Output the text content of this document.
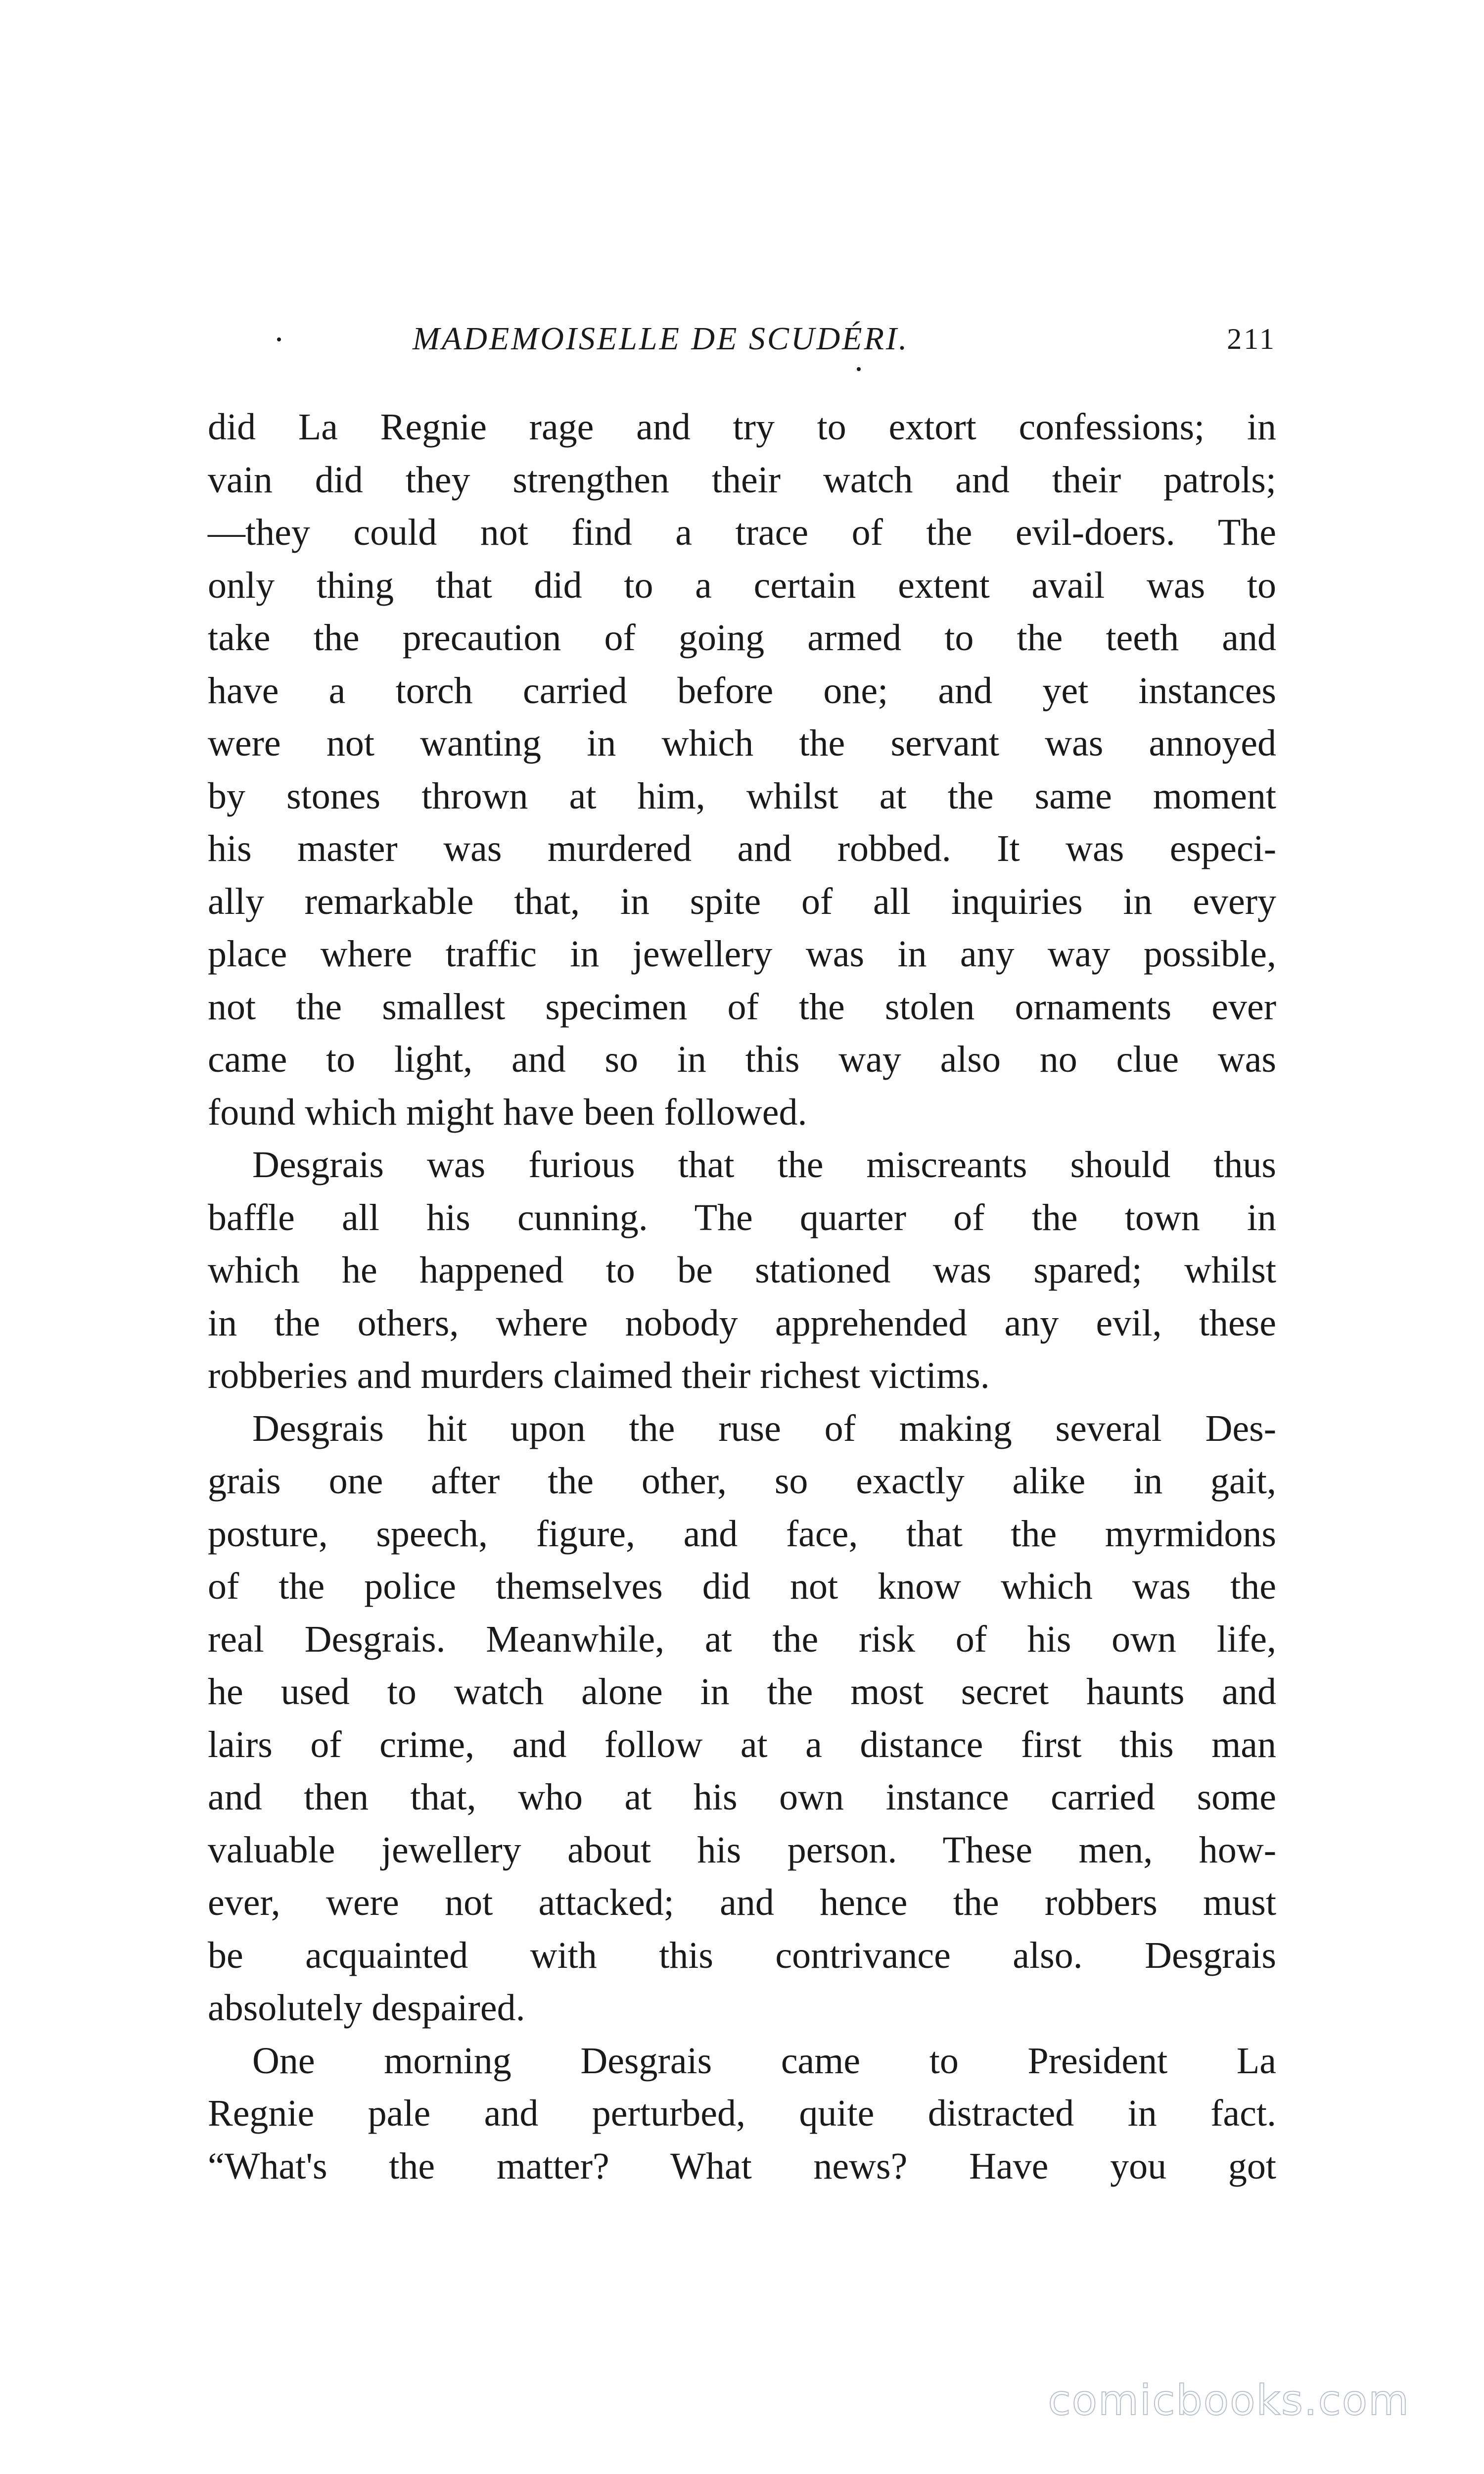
MADEMOISELLE DE SCUDÉRI.	211
did La Regnie rage and try to extort confessions; in
vain did they strengthen their watch and their patrols;
—they could not find a trace of the evil-doers. The
only thing that did to a certain extent avail was to
take the precaution of going armed to the teeth and
have a torch carried before one; and yet instances
were not wanting in which the servant was annoyed
by stones thrown at him, whilst at the same moment
his master was murdered and robbed. It was especi-
ally remarkable that, in spite of all inquiries in every
place where traffic in jewellery was in any way possible,
not the smallest specimen of the stolen ornaments ever
came to light, and so in this way also no clue was
found which might have been followed.
Desgrais was furious that the miscreants should thus
baffle all his cunning. The quarter of the town in
which he happened to be stationed was spared; whilst
in the others, where nobody apprehended any evil, these
robberies and murders claimed their richest victims.
Desgrais hit upon the ruse of making several Des-
grais one after the other, so exactly alike in gait,
posture, speech, figure, and face, that the myrmidons
of the police themselves did not know which was the
real Desgrais. Meanwhile, at the risk of his own life,
he used to watch alone in the most secret haunts and
lairs of crime, and follow at a distance first this man
and then that, who at his own instance carried some
valuable jewellery about his person. These men, how-
ever, were not attacked; and hence the robbers must
be acquainted with this contrivance also. Desgrais
absolutely despaired.
One morning Desgrais came to President La
Regnie pale and perturbed, quite distracted in fact.
“What's the matter? What news? Have you got
comicbooks.com
